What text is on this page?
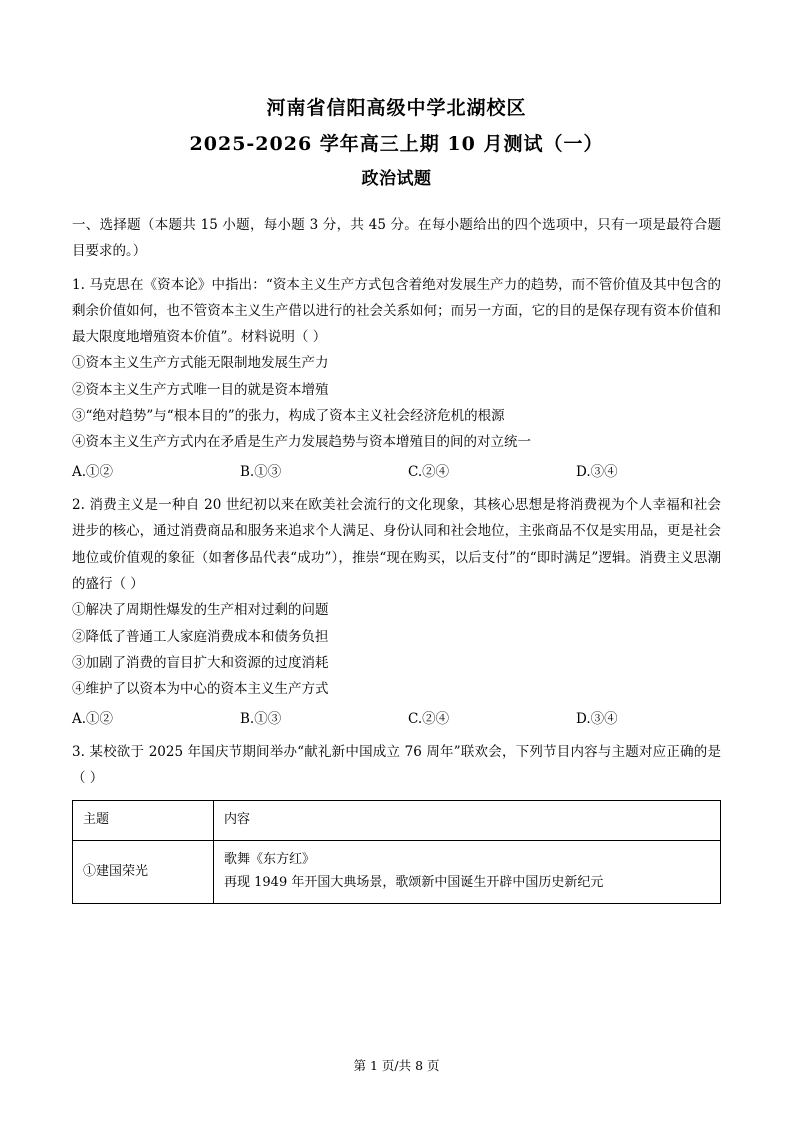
河南省信阳高级中学北湖校区
2025-2026 学年高三上期 10 月测试（一）
政治试题
一、选择题（本题共 15 小题，每小题 3 分，共 45 分。在每小题给出的四个选项中，只有一项是最符合题目要求的。）

1. 马克思在《资本论》中指出：“资本主义生产方式包含着绝对发展生产力的趋势，而不管价值及其中包含的剩余价值如何，也不管资本主义生产借以进行的社会关系如何；而另一方面，它的目的是保存现有资本价值和最大限度地增殖资本价值”。材料说明（ ）

①资本主义生产方式能无限制地发展生产力

②资本主义生产方式唯一目的就是资本增殖

③“绝对趋势”与“根本目的”的张力，构成了资本主义社会经济危机的根源

④资本主义生产方式内在矛盾是生产力发展趋势与资本增殖目的间的对立统一

A.①②	B.①③	C.②④	D.③④

2. 消费主义是一种自 20 世纪初以来在欧美社会流行的文化现象，其核心思想是将消费视为个人幸福和社会进步的核心，通过消费商品和服务来追求个人满足、身份认同和社会地位，主张商品不仅是实用品，更是社会地位或价值观的象征（如奢侈品代表“成功”），推崇“现在购买，以后支付”的“即时满足”逻辑。消费主义思潮的盛行（ ）

①解决了周期性爆发的生产相对过剩的问题

②降低了普通工人家庭消费成本和债务负担

③加剧了消费的盲目扩大和资源的过度消耗

④维护了以资本为中心的资本主义生产方式

A.①②	B.①③	C.②④	D.③④

3. 某校欲于 2025 年国庆节期间举办“献礼新中国成立 76 周年”联欢会，下列节目内容与主题对应正确的是（ ）

主题	内容
①建国荣光	歌舞《东方红》
再现 1949 年开国大典场景，歌颂新中国诞生开辟中国历史新纪元
第 1 页/共 8 页
